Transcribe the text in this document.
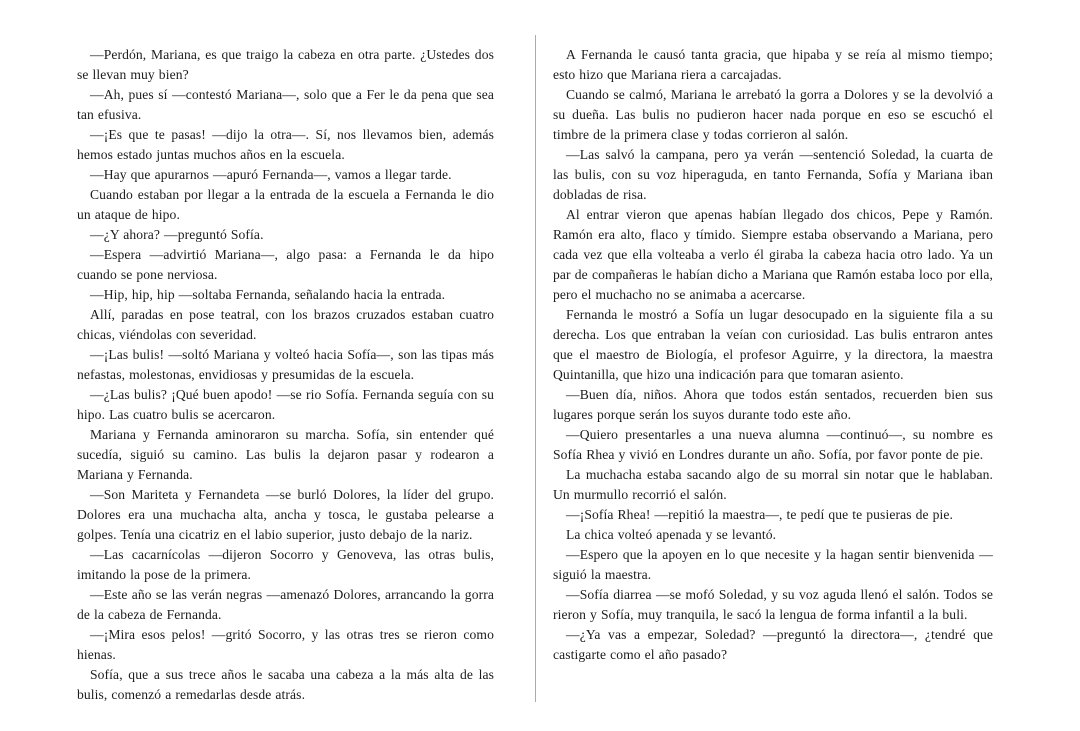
—Perdón, Mariana, es que traigo la cabeza en otra parte. ¿Ustedes dos se llevan muy bien?

—Ah, pues sí —contestó Mariana—, solo que a Fer le da pena que sea tan efusiva.

—¡Es que te pasas! —dijo la otra—. Sí, nos llevamos bien, además hemos estado juntas muchos años en la escuela.

—Hay que apurarnos —apuró Fernanda—, vamos a llegar tarde.

Cuando estaban por llegar a la entrada de la escuela a Fernanda le dio un ataque de hipo.

—¿Y ahora? —preguntó Sofía.

—Espera —advirtió Mariana—, algo pasa: a Fernanda le da hipo cuando se pone nerviosa.

—Hip, hip, hip —soltaba Fernanda, señalando hacia la entrada.

Allí, paradas en pose teatral, con los brazos cruzados estaban cuatro chicas, viéndolas con severidad.

—¡Las bulis! —soltó Mariana y volteó hacia Sofía—, son las tipas más nefastas, molestonas, envidiosas y presumidas de la escuela.

—¿Las bulis? ¡Qué buen apodo! —se rio Sofía. Fernanda seguía con su hipo. Las cuatro bulis se acercaron.

Mariana y Fernanda aminoraron su marcha. Sofía, sin entender qué sucedía, siguió su camino. Las bulis la dejaron pasar y rodearon a Mariana y Fernanda.

—Son Mariteta y Fernandeta —se burló Dolores, la líder del grupo. Dolores era una muchacha alta, ancha y tosca, le gustaba pelearse a golpes. Tenía una cicatriz en el labio superior, justo debajo de la nariz.

—Las cacarnícolas —dijeron Socorro y Genoveva, las otras bulis, imitando la pose de la primera.

—Este año se las verán negras —amenazó Dolores, arrancando la gorra de la cabeza de Fernanda.

—¡Mira esos pelos! —gritó Socorro, y las otras tres se rieron como hienas.

Sofía, que a sus trece años le sacaba una cabeza a la más alta de las bulis, comenzó a remedarlas desde atrás.

A Fernanda le causó tanta gracia, que hipaba y se reía al mismo tiempo; esto hizo que Mariana riera a carcajadas.

Cuando se calmó, Mariana le arrebató la gorra a Dolores y se la devolvió a su dueña. Las bulis no pudieron hacer nada porque en eso se escuchó el timbre de la primera clase y todas corrieron al salón.

—Las salvó la campana, pero ya verán —sentenció Soledad, la cuarta de las bulis, con su voz hiperaguda, en tanto Fernanda, Sofía y Mariana iban dobladas de risa.

Al entrar vieron que apenas habían llegado dos chicos, Pepe y Ramón. Ramón era alto, flaco y tímido. Siempre estaba observando a Mariana, pero cada vez que ella volteaba a verlo él giraba la cabeza hacia otro lado. Ya un par de compañeras le habían dicho a Mariana que Ramón estaba loco por ella, pero el muchacho no se animaba a acercarse.

Fernanda le mostró a Sofía un lugar desocupado en la siguiente fila a su derecha. Los que entraban la veían con curiosidad. Las bulis entraron antes que el maestro de Biología, el profesor Aguirre, y la directora, la maestra Quintanilla, que hizo una indicación para que tomaran asiento.

—Buen día, niños. Ahora que todos están sentados, recuerden bien sus lugares porque serán los suyos durante todo este año.

—Quiero presentarles a una nueva alumna —continuó—, su nombre es Sofía Rhea y vivió en Londres durante un año. Sofía, por favor ponte de pie.

La muchacha estaba sacando algo de su morral sin notar que le hablaban. Un murmullo recorrió el salón.

—¡Sofía Rhea! —repitió la maestra—, te pedí que te pusieras de pie.

La chica volteó apenada y se levantó.

—Espero que la apoyen en lo que necesite y la hagan sentir bienvenida —siguió la maestra.

—Sofía diarrea —se mofó Soledad, y su voz aguda llenó el salón. Todos se rieron y Sofía, muy tranquila, le sacó la lengua de forma infantil a la buli.

—¿Ya vas a empezar, Soledad? —preguntó la directora—, ¿tendré que castigarte como el año pasado?
